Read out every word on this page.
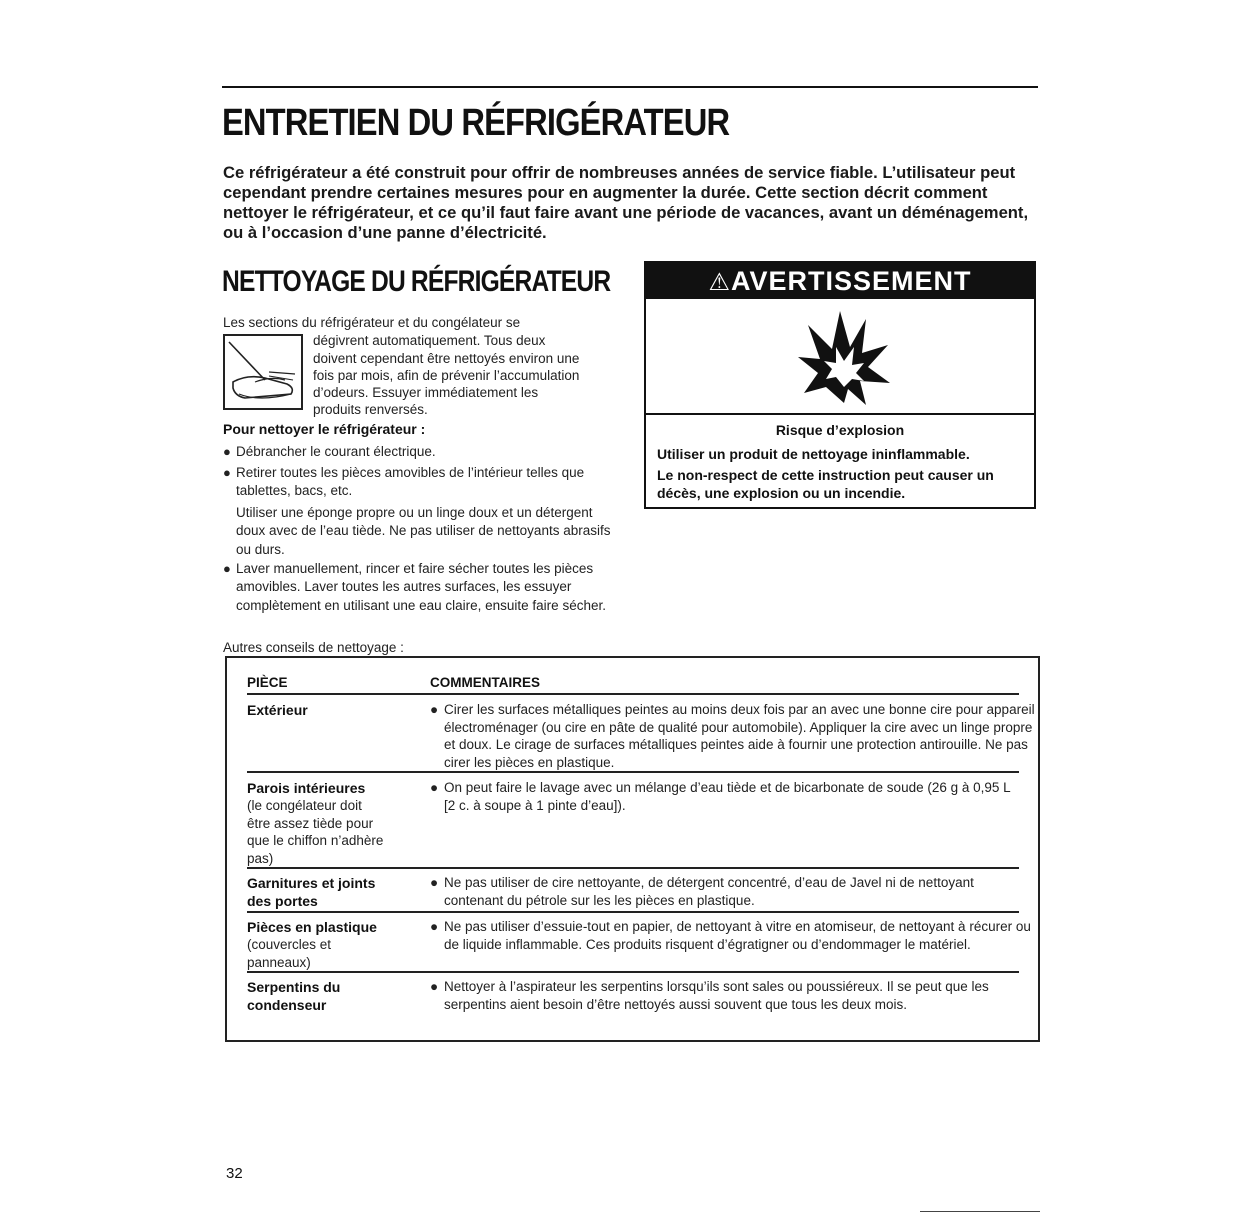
ENTRETIEN DU RÉFRIGÉRATEUR
Ce réfrigérateur a été construit pour offrir de nombreuses années de service fiable. L’utilisateur peut cependant prendre certaines mesures pour en augmenter la durée. Cette section décrit comment nettoyer le réfrigérateur, et ce qu’il faut faire avant une période de vacances, avant un déménagement, ou à l’occasion d’une panne d’électricité.
NETTOYAGE DU RÉFRIGÉRATEUR
Les sections du réfrigérateur et du congélateur se
dégivrent automatiquement. Tous deux
doivent cependant être nettoyés environ une
fois par mois, afin de prévenir l’accumulation
d’odeurs. Essuyer immédiatement les
produits renversés.
Pour nettoyer le réfrigérateur :
● Débrancher le courant électrique.
● Retirer toutes les pièces amovibles de l’intérieur telles que tablettes, bacs, etc.
Utiliser une éponge propre ou un linge doux et un détergent doux avec de l’eau tiède. Ne pas utiliser de nettoyants abrasifs ou durs.
● Laver manuellement, rincer et faire sécher toutes les pièces amovibles. Laver toutes les autres surfaces, les essuyer complètement en utilisant une eau claire, ensuite faire sécher.
Autres conseils de nettoyage :
⚠AVERTISSEMENT
Risque d’explosion
Utiliser un produit de nettoyage ininflammable.
Le non-respect de cette instruction peut causer un décès, une explosion ou un incendie.
PIÈCE	COMMENTAIRES
Extérieur	● Cirer les surfaces métalliques peintes au moins deux fois par an avec une bonne cire pour appareil électroménager (ou cire en pâte de qualité pour automobile). Appliquer la cire avec un linge propre et doux. Le cirage de surfaces métalliques peintes aide à fournir une protection antirouille. Ne pas cirer les pièces en plastique.
Parois intérieures
(le congélateur doit être assez tiède pour que le chiffon n’adhère pas)
● On peut faire le lavage avec un mélange d’eau tiède et de bicarbonate de soude (26 g à 0,95 L [2 c. à soupe à 1 pinte d’eau]).
Garnitures et joints des portes
● Ne pas utiliser de cire nettoyante, de détergent concentré, d’eau de Javel ni de nettoyant contenant du pétrole sur les les pièces en plastique.
Pièces en plastique
(couvercles et panneaux)
● Ne pas utiliser d’essuie-tout en papier, de nettoyant à vitre en atomiseur, de nettoyant à récurer ou de liquide inflammable. Ces produits risquent d’égratigner ou d’endommager le matériel.
Serpentins du condenseur
● Nettoyer à l’aspirateur les serpentins lorsqu’ils sont sales ou poussiéreux. Il se peut que les serpentins aient besoin d’être nettoyés aussi souvent que tous les deux mois.
32
